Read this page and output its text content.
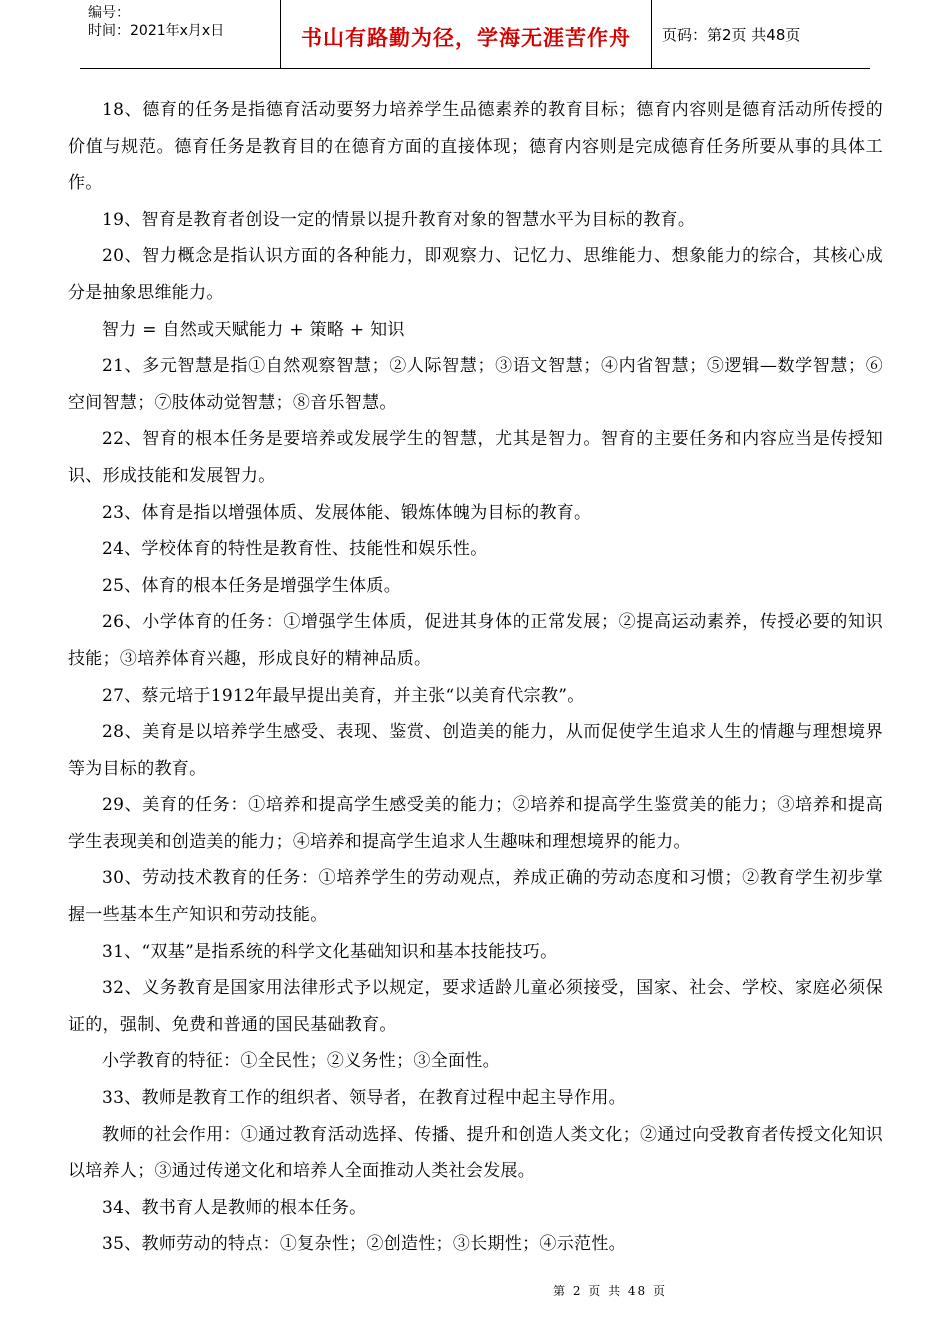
编号：
时间：2021年x月x日	书山有路勤为径，学海无涯苦作舟	页码：第2页 共48页

18、德育的任务是指德育活动要努力培养学生品德素养的教育目标；德育内容则是德育活动所传授的价值与规范。德育任务是教育目的在德育方面的直接体现；德育内容则是完成德育任务所要从事的具体工作。

19、智育是教育者创设一定的情景以提升教育对象的智慧水平为目标的教育。

20、智力概念是指认识方面的各种能力，即观察力、记忆力、思维能力、想象能力的综合，其核心成分是抽象思维能力。

智力 = 自然或天赋能力 + 策略 + 知识

21、多元智慧是指①自然观察智慧；②人际智慧；③语文智慧；④内省智慧；⑤逻辑—数学智慧；⑥空间智慧；⑦肢体动觉智慧；⑧音乐智慧。

22、智育的根本任务是要培养或发展学生的智慧，尤其是智力。智育的主要任务和内容应当是传授知识、形成技能和发展智力。

23、体育是指以增强体质、发展体能、锻炼体魄为目标的教育。

24、学校体育的特性是教育性、技能性和娱乐性。

25、体育的根本任务是增强学生体质。

26、小学体育的任务：①增强学生体质，促进其身体的正常发展；②提高运动素养，传授必要的知识技能；③培养体育兴趣，形成良好的精神品质。

27、蔡元培于1912年最早提出美育，并主张“以美育代宗教”。

28、美育是以培养学生感受、表现、鉴赏、创造美的能力，从而促使学生追求人生的情趣与理想境界等为目标的教育。

29、美育的任务：①培养和提高学生感受美的能力；②培养和提高学生鉴赏美的能力；③培养和提高学生表现美和创造美的能力；④培养和提高学生追求人生趣味和理想境界的能力。

30、劳动技术教育的任务：①培养学生的劳动观点，养成正确的劳动态度和习惯；②教育学生初步掌握一些基本生产知识和劳动技能。

31、“双基”是指系统的科学文化基础知识和基本技能技巧。

32、义务教育是国家用法律形式予以规定，要求适龄儿童必须接受，国家、社会、学校、家庭必须保证的，强制、免费和普通的国民基础教育。

小学教育的特征：①全民性；②义务性；③全面性。

33、教师是教育工作的组织者、领导者，在教育过程中起主导作用。

教师的社会作用：①通过教育活动选择、传播、提升和创造人类文化；②通过向受教育者传授文化知识以培养人；③通过传递文化和培养人全面推动人类社会发展。

34、教书育人是教师的根本任务。

35、教师劳动的特点：①复杂性；②创造性；③长期性；④示范性。

第 2 页 共 48 页
